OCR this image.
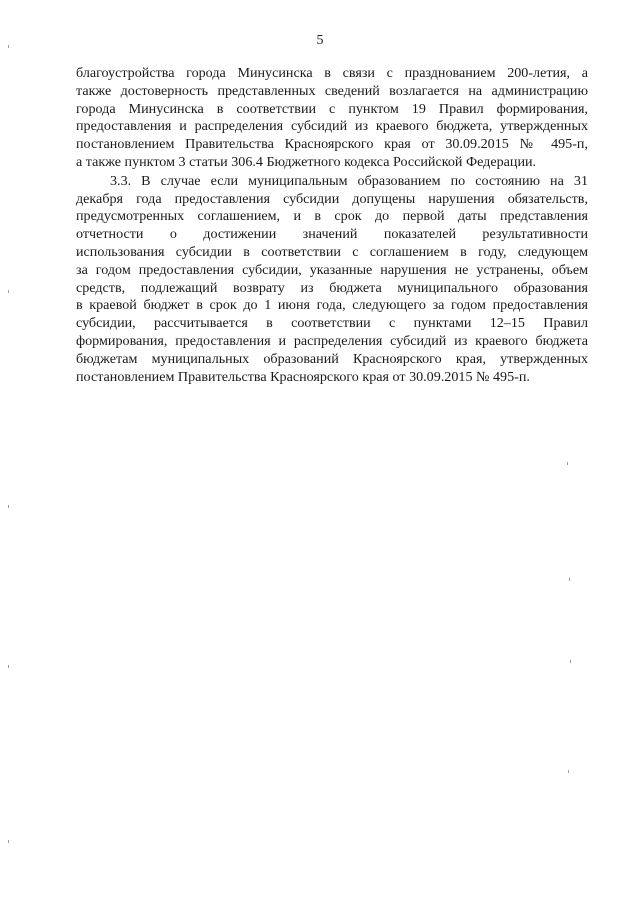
5
благоустройства города Минусинска в связи с празднованием 200-летия, а
также достоверность представленных сведений возлагается на администрацию
города Минусинска в соответствии с пунктом 19 Правил формирования,
предоставления и распределения субсидий из краевого бюджета, утвержденных
постановлением Правительства Красноярского края от 30.09.2015 № 495-п,
а также пунктом 3 статьи 306.4 Бюджетного кодекса Российской Федерации.
3.3. В случае если муниципальным образованием по состоянию на 31
декабря года предоставления субсидии допущены нарушения обязательств,
предусмотренных соглашением, и в срок до первой даты представления
отчетности о достижении значений показателей результативности
использования субсидии в соответствии с соглашением в году, следующем
за годом предоставления субсидии, указанные нарушения не устранены, объем
средств, подлежащий возврату из бюджета муниципального образования
в краевой бюджет в срок до 1 июня года, следующего за годом предоставления
субсидии, рассчитывается в соответствии с пунктами 12–15 Правил
формирования, предоставления и распределения субсидий из краевого бюджета
бюджетам муниципальных образований Красноярского края, утвержденных
постановлением Правительства Красноярского края от 30.09.2015 № 495-п.
